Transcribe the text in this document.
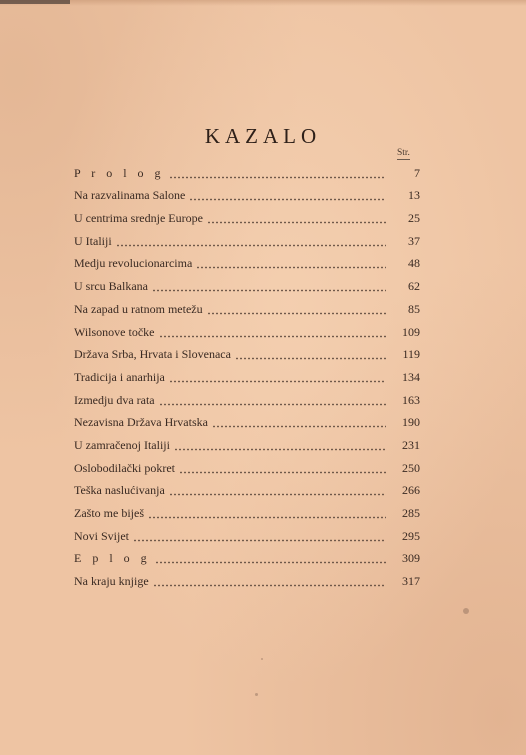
KAZALO
Str.
P r o l o g	7
Na razvalinama Salone	13
U centrima srednje Europe	25
U Italiji	37
Medju revolucionarcima	48
U srcu Balkana	62
Na zapad u ratnom metežu	85
Wilsonove točke	109
Država Srba, Hrvata i Slovenaca	119
Tradicija i anarhija	134
Izmedju dva rata	163
Nezavisna Država Hrvatska	190
U zamračenoj Italiji	231
Oslobodilački pokret	250
Teška naslućivanja	266
Zašto me biješ	285
Novi Svijet	295
E p l o g	309
Na kraju knjige	317
